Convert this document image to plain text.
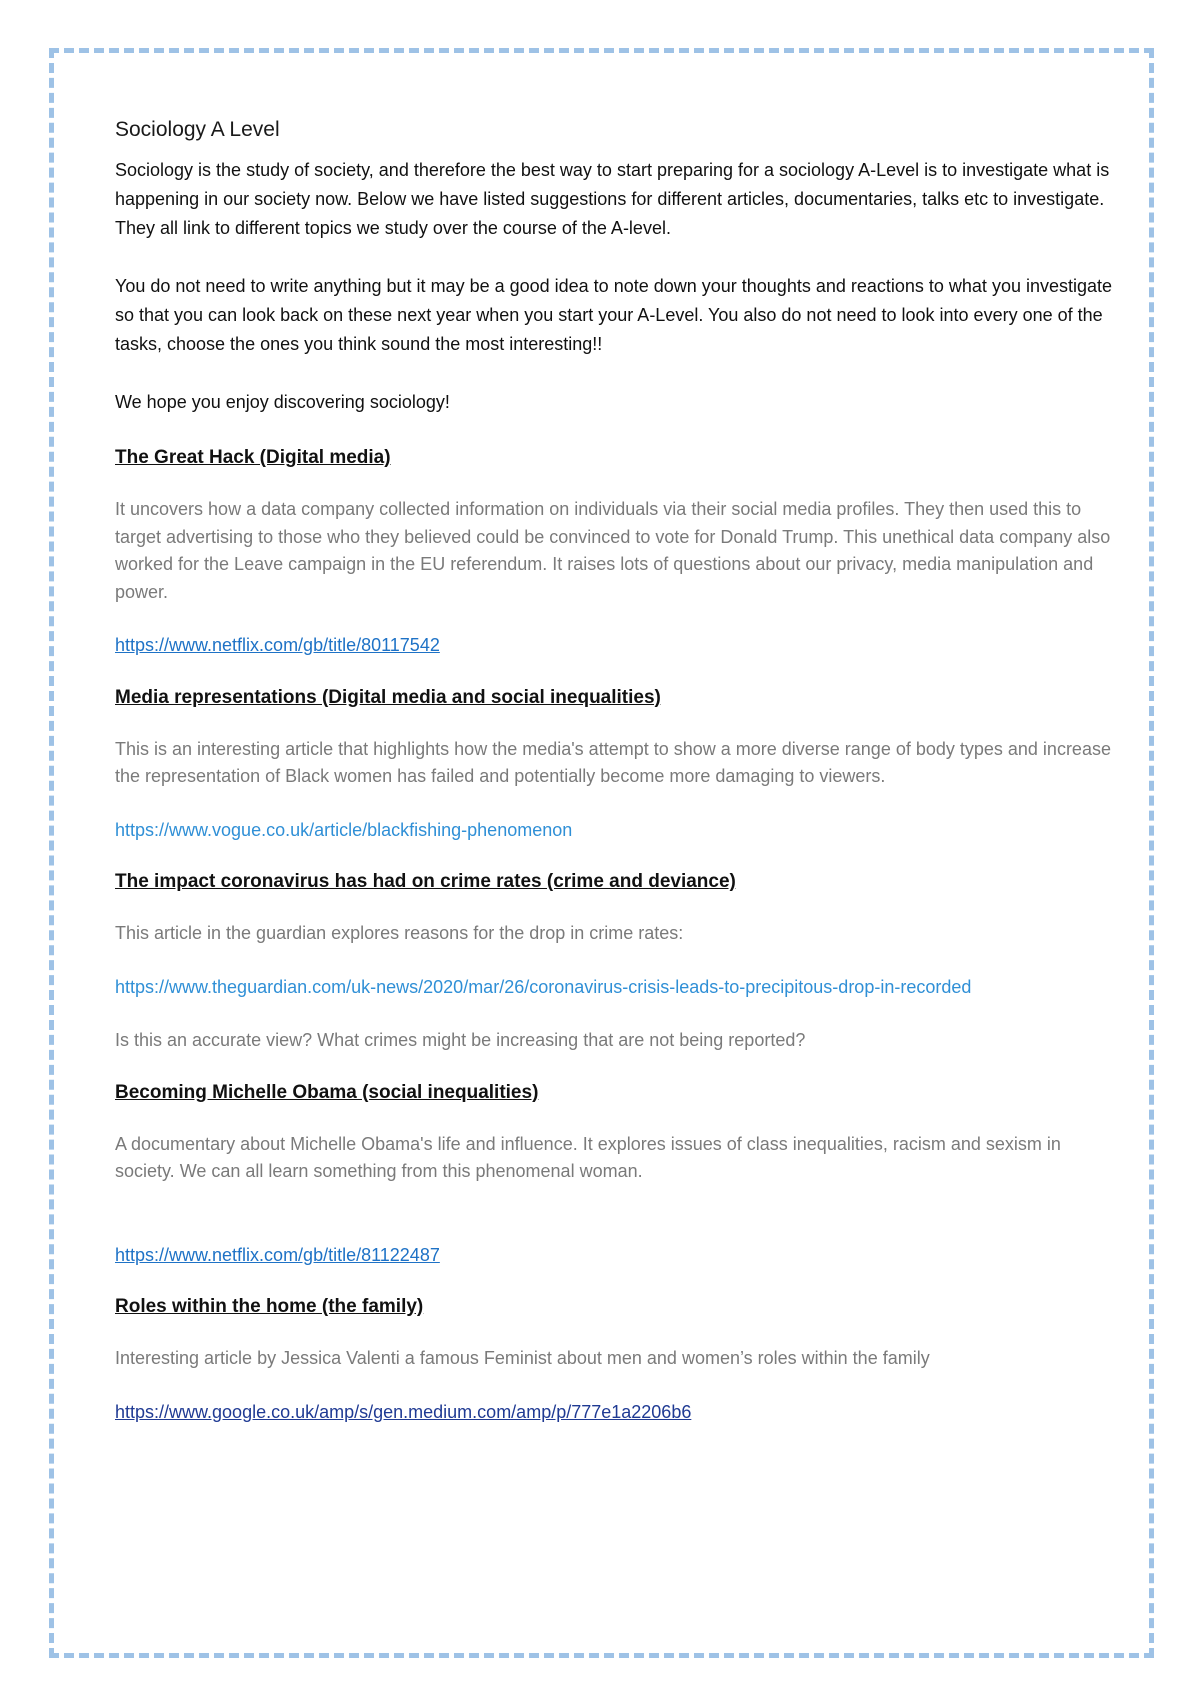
Sociology A Level

Sociology is the study of society, and therefore the best way to start preparing for a sociology A-Level is to investigate what is happening in our society now. Below we have listed suggestions for different articles, documentaries, talks etc to investigate. They all link to different topics we study over the course of the A-level.

You do not need to write anything but it may be a good idea to note down your thoughts and reactions to what you investigate so that you can look back on these next year when you start your A-Level. You also do not need to look into every one of the tasks, choose the ones you think sound the most interesting!!

We hope you enjoy discovering sociology!

The Great Hack (Digital media)
It uncovers how a data company collected information on individuals via their social media profiles. They then used this to target advertising to those who they believed could be convinced to vote for Donald Trump. This unethical data company also worked for the Leave campaign in the EU referendum. It raises lots of questions about our privacy, media manipulation and power.
https://www.netflix.com/gb/title/80117542
Media representations (Digital media and social inequalities)
This is an interesting article that highlights how the media's attempt to show a more diverse range of body types and increase the representation of Black women has failed and potentially become more damaging to viewers.
https://www.vogue.co.uk/article/blackfishing-phenomenon
The impact coronavirus has had on crime rates (crime and deviance)
This article in the guardian explores reasons for the drop in crime rates:
https://www.theguardian.com/uk-news/2020/mar/26/coronavirus-crisis-leads-to-precipitous-drop-in-recorded
Is this an accurate view? What crimes might be increasing that are not being reported?
Becoming Michelle Obama (social inequalities)
A documentary about Michelle Obama's life and influence. It explores issues of class inequalities, racism and sexism in society. We can all learn something from this phenomenal woman.
https://www.netflix.com/gb/title/81122487
Roles within the home (the family)
Interesting article by Jessica Valenti a famous Feminist about men and women’s roles within the family
https://www.google.co.uk/amp/s/gen.medium.com/amp/p/777e1a2206b6
